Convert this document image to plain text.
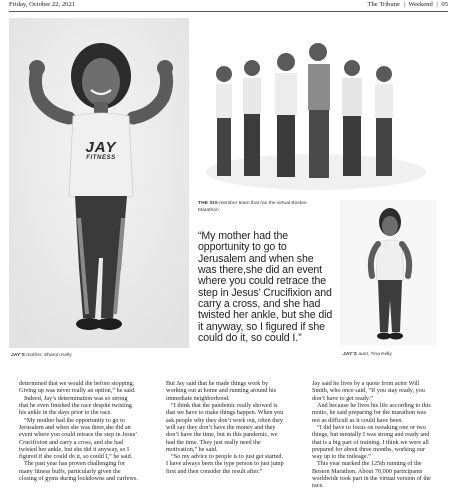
Friday, October 22, 2021	The Tribune | Weekend | 05
JAY
FITNESS
JAY'S mother, Sharon Kelly
THE SIX-member team that ran the virtual Boston Marathon
JAY'S aunt, Tina Kelly
“My mother had the opportunity to go to Jerusalem and when she was there,she did an event where you could retrace the step in Jesus’ Crucifixion and carry a cross, and she had twisted her ankle, but she did it anyway, so I figured if she could do it, so could I.”

determined that we would die before stopping. Giving up was never really an option,” he said.

Indeed, Jay’s determination was so strong that he even finished the race despite twisting his ankle in the days prior to the race.

“My mother had the opportunity to go to Jerusalem and when she was there,she did an event where you could retrace the step in Jesus’ Crucifixion and carry a cross, and she had twisted her ankle, but she did it anyway, so I figured if she could do it, so could I,” he said.

The past year has proven challenging for many fitness buffs, particularly given the closing of gyms during lockdowns and curfews.

But Jay said that he made things work by working out at home and running around his immediate neighborhood.

“I think that the pandemic really showed is that we have to make things happen. When you ask people why they don’t work out, often they will say they don’t have the money and they don’t have the time, but in this pandemic, we had the time. They just really need the motivation,” he said.

“So my advice to people is to just get started. I have always been the type person to just jump first and then consider the result after.”

Jay said he lives by a quote from actor Will Smith, who once said, “If you stay ready, you don’t have to get ready.”

And because he lives his life according to this motto, he said preparing for the marathon was not as difficult as it could have been.

“I did have to focus on tweaking one or two things, but mentally I was strong and ready and that is a big part of training. I think we were all prepared for about three months, working our way up to the mileage.”

This year marked the 125th running of the Boston Marathon. About 70,000 participants worldwide took part in the virtual version of the race.
